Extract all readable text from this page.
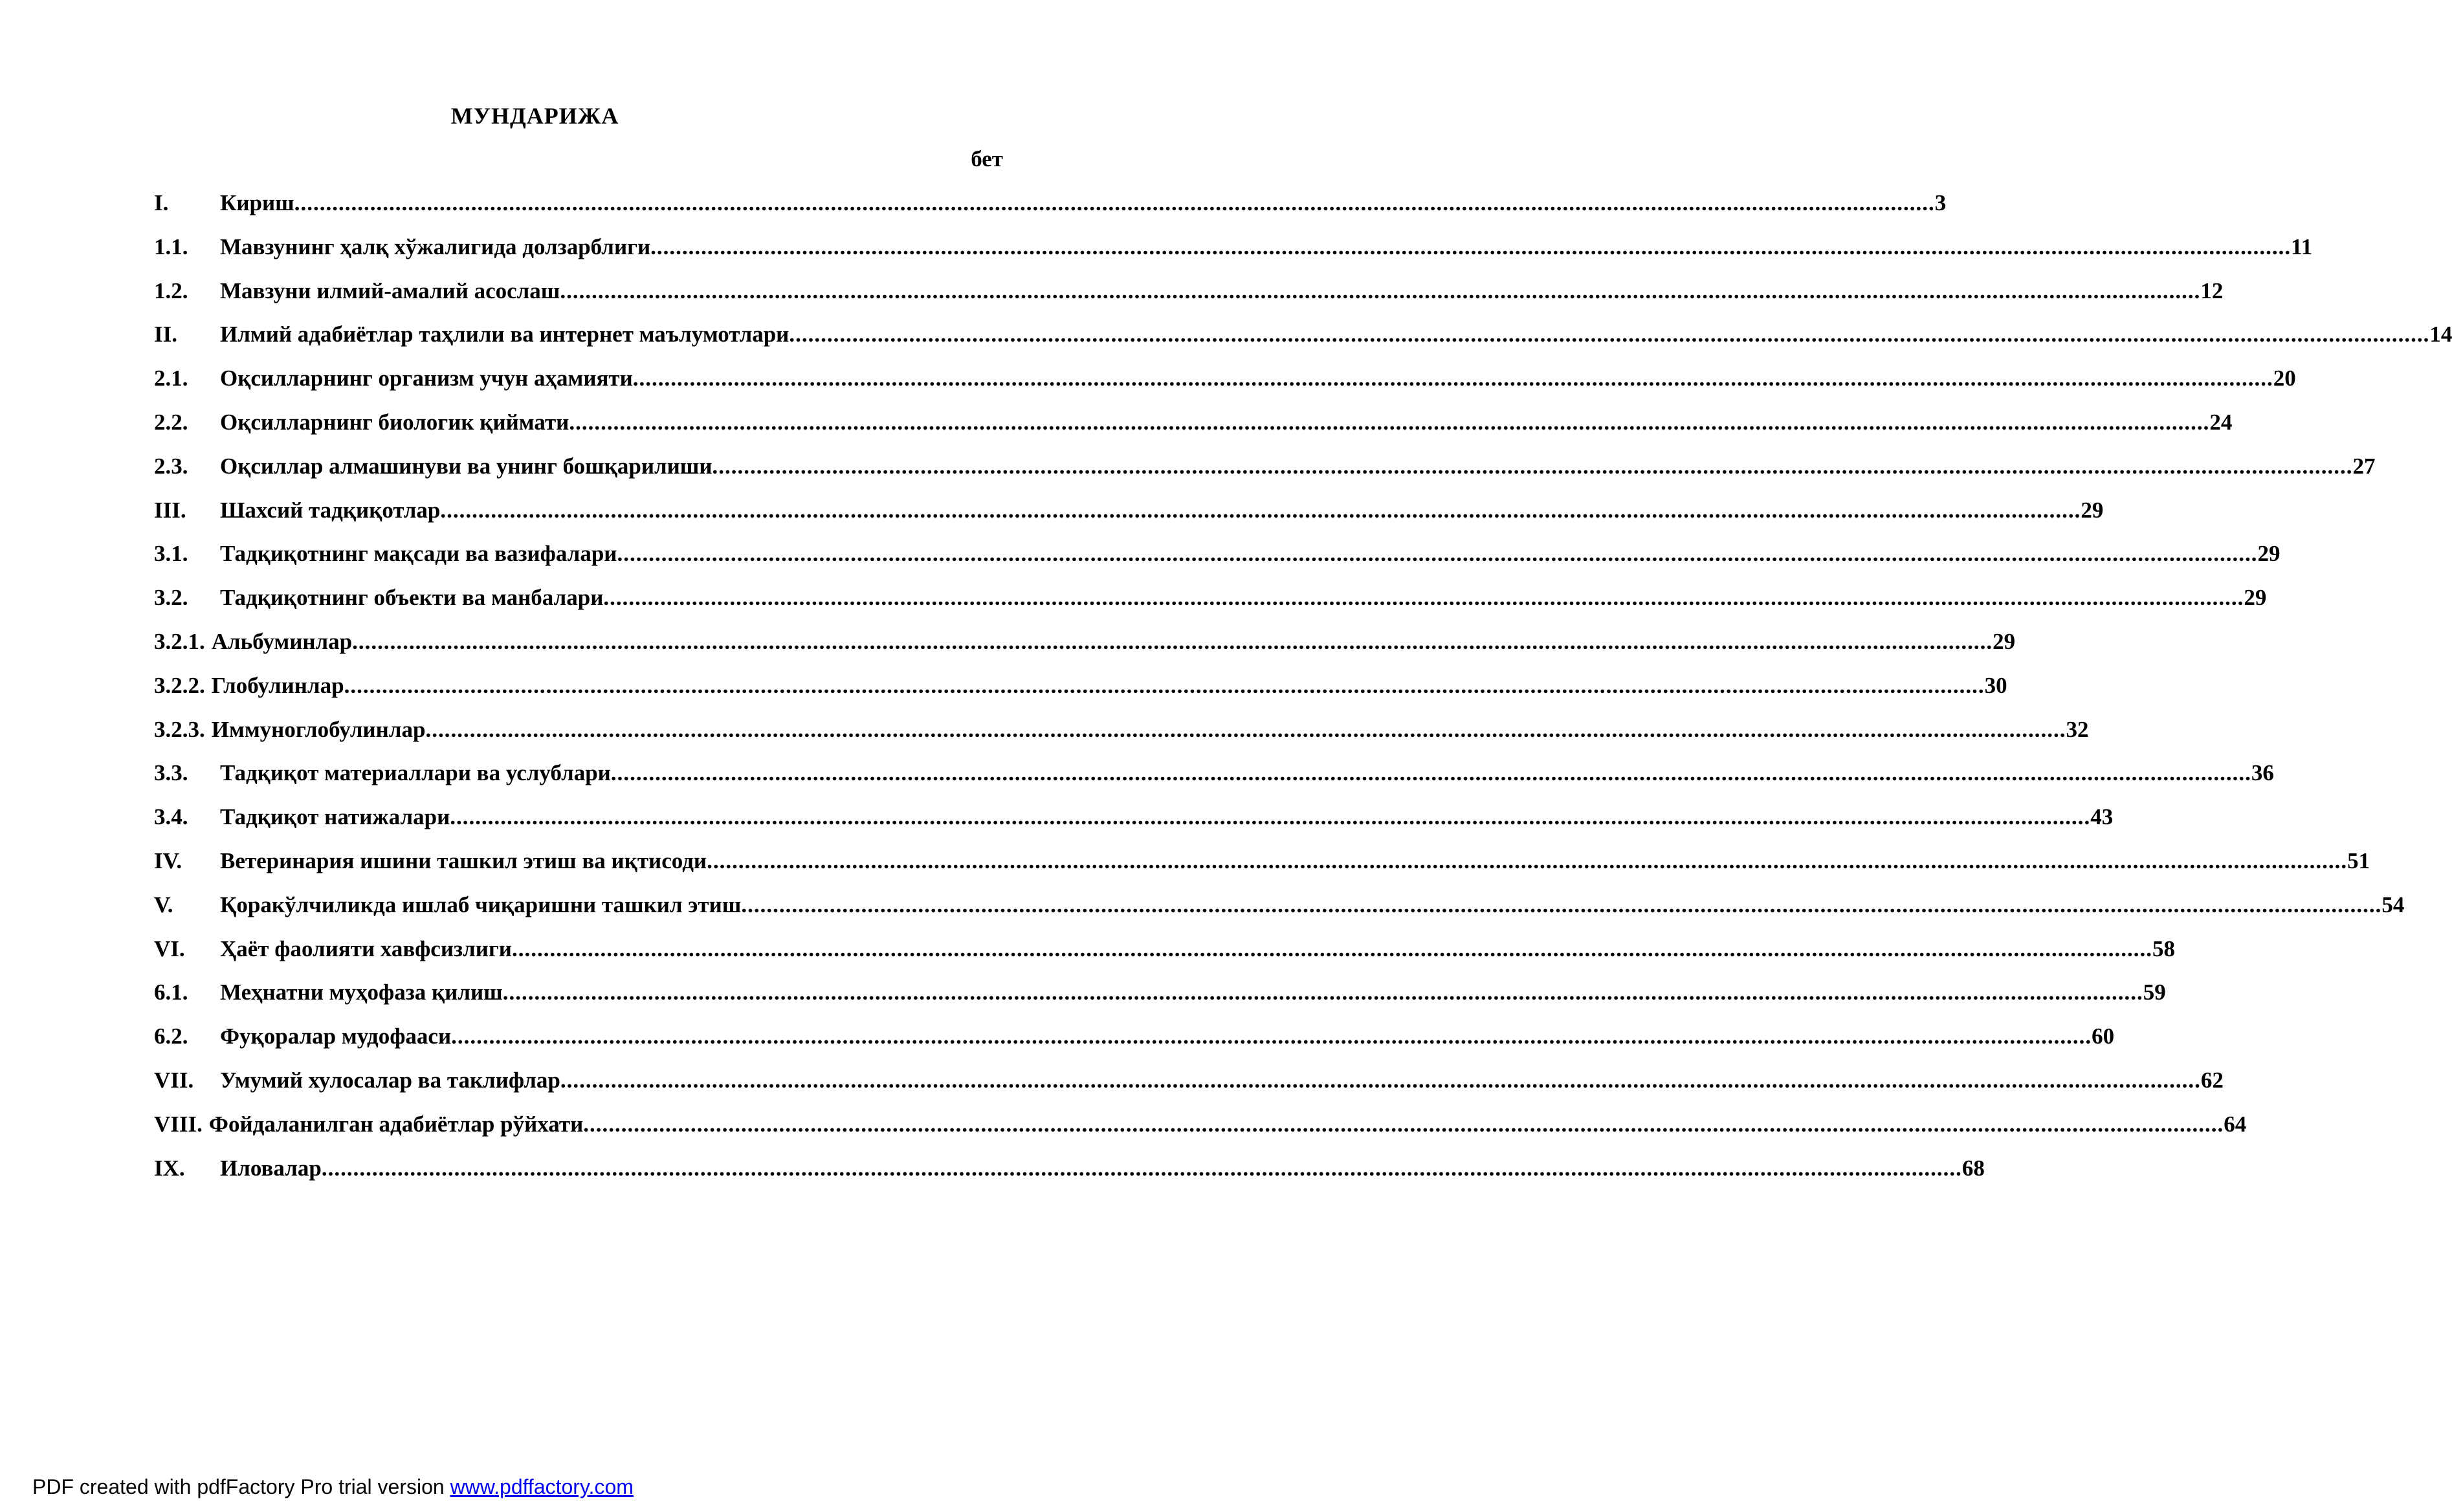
МУНДАРИЖА
бет
I.	Кириш .................................................................................................................................................................................................................................................................... 3
1.1.	Мавзунинг ҳалқ хўжалигида долзарблиги .................................................................................................................................................................................................................................................................... 11
1.2.	Мавзуни илмий-амалий асослаш .................................................................................................................................................................................................................................................................... 12
II.	Илмий адабиётлар таҳлили ва интернет маълумотлари .................................................................................................................................................................................................................................................................... 14
2.1.	Оқсилларнинг организм учун аҳамияти .................................................................................................................................................................................................................................................................... 20
2.2.	Оқсилларнинг биологик қиймати .................................................................................................................................................................................................................................................................... 24
2.3.	Оқсиллар алмашинуви ва унинг бошқарилиши .................................................................................................................................................................................................................................................................... 27
III.	Шахсий тадқиқотлар .................................................................................................................................................................................................................................................................... 29
3.1.	Тадқиқотнинг мақсади ва вазифалари .................................................................................................................................................................................................................................................................... 29
3.2.	Тадқиқотнинг объекти ва манбалари .................................................................................................................................................................................................................................................................... 29
3.2.1. Альбуминлар .................................................................................................................................................................................................................................................................... 29
3.2.2. Глобулинлар .................................................................................................................................................................................................................................................................... 30
3.2.3. Иммуноглобулинлар .................................................................................................................................................................................................................................................................... 32
3.3.	Тадқиқот материаллари ва услублари .................................................................................................................................................................................................................................................................... 36
3.4.	Тадқиқот натижалари .................................................................................................................................................................................................................................................................... 43
IV.	Ветеринария ишини ташкил этиш ва иқтисоди .................................................................................................................................................................................................................................................................... 51
V.	Қоракўлчиликда ишлаб чиқаришни ташкил этиш .................................................................................................................................................................................................................................................................... 54
VI.	Ҳаёт фаолияти хавфсизлиги .................................................................................................................................................................................................................................................................... 58
6.1.	Меҳнатни муҳофаза қилиш .................................................................................................................................................................................................................................................................... 59
6.2.	Фуқоралар мудофааси .................................................................................................................................................................................................................................................................... 60
VII.	Умумий хулосалар ва таклифлар .................................................................................................................................................................................................................................................................... 62
VIII. Фойдаланилган адабиётлар рўйхати .................................................................................................................................................................................................................................................................... 64
IX.	Иловалар .................................................................................................................................................................................................................................................................... 68
PDF created with pdfFactory Pro trial version www.pdffactory.com
